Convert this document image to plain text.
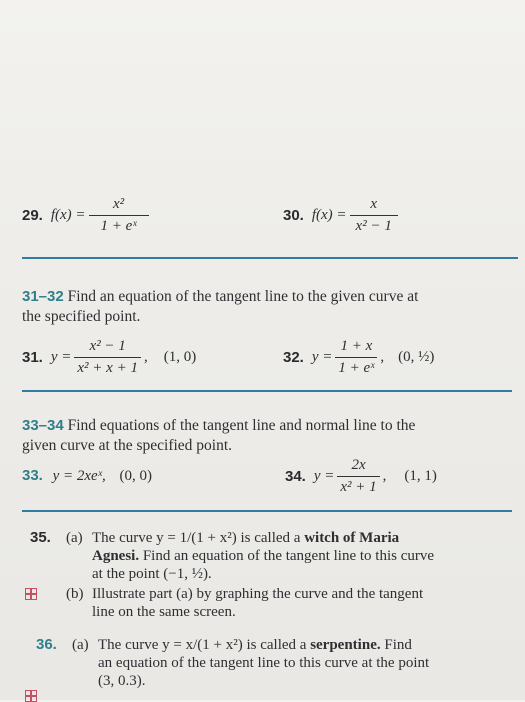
29. $f(x) = \frac{\text{x²}}{\text{1 + eˣ}}$	30. $f(x) = \frac{x}{\text{x² − 1}}$
31–32 Find an equation of the tangent line to the given curve at
the specified point.
31. $y = \frac{\text{x² − 1}}{\text{x² + x + 1}}$ , (1, 0)	32. $y = \frac{1 + x}{\text{1 + eˣ}}$ , (0, ½)
33–34 Find equations of the tangent line and normal line to the
given curve at the specified point.
33. y = 2xeˣ, (0, 0)	34. $y = \frac{2x}{\text{x² + 1}}$ , (1, 1)
35. (a) The curve y = 1/(1 + x²) is called a witch of Maria
Agnesi. Find an equation of the tangent line to this curve
at the point (−1, ½).
(b) Illustrate part (a) by graphing the curve and the tangent
line on the same screen.
36. (a) The curve y = x/(1 + x²) is called a serpentine. Find
an equation of the tangent line to this curve at the point
(3, 0.3).
